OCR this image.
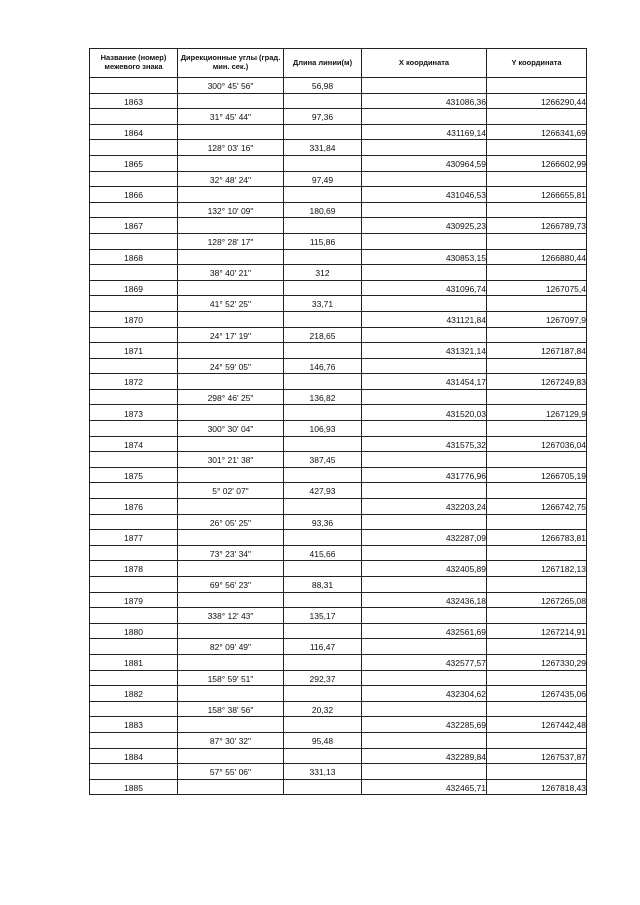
Название (номер) межевого знака	Дирекционные углы (град. мин. сек.)	Длина линии(м)	X координата	Y координата
	300° 45' 56"	56,98		
1863			431086,36	1266290,44
	31° 45' 44"	97,36		
1864			431169,14	1266341,69
	128° 03' 16"	331,84		
1865			430964,59	1266602,99
	32° 48' 24"	97,49		
1866			431046,53	1266655,81
	132° 10' 09"	180,69		
1867			430925,23	1266789,73
	128° 28' 17"	115,86		
1868			430853,15	1266880,44
	38° 40' 21"	312		
1869			431096,74	1267075,4
	41° 52' 25"	33,71		
1870			431121,84	1267097,9
	24° 17' 19"	218,65		
1871			431321,14	1267187,84
	24° 59' 05"	146,76		
1872			431454,17	1267249,83
	298° 46' 25"	136,82		
1873			431520,03	1267129,9
	300° 30' 04"	106,93		
1874			431575,32	1267036,04
	301° 21' 38"	387,45		
1875			431776,96	1266705,19
	5° 02' 07"	427,93		
1876			432203,24	1266742,75
	26° 05' 25"	93,36		
1877			432287,09	1266783,81
	73° 23' 34"	415,66		
1878			432405,89	1267182,13
	69° 56' 23"	88,31		
1879			432436,18	1267265,08
	338° 12' 43"	135,17		
1880			432561,69	1267214,91
	82° 09' 49"	116,47		
1881			432577,57	1267330,29
	158° 59' 51"	292,37		
1882			432304,62	1267435,06
	158° 38' 56"	20,32		
1883			432285,69	1267442,48
	87° 30' 32"	95,48		
1884			432289,84	1267537,87
	57° 55' 06"	331,13		
1885			432465,71	1267818,43
